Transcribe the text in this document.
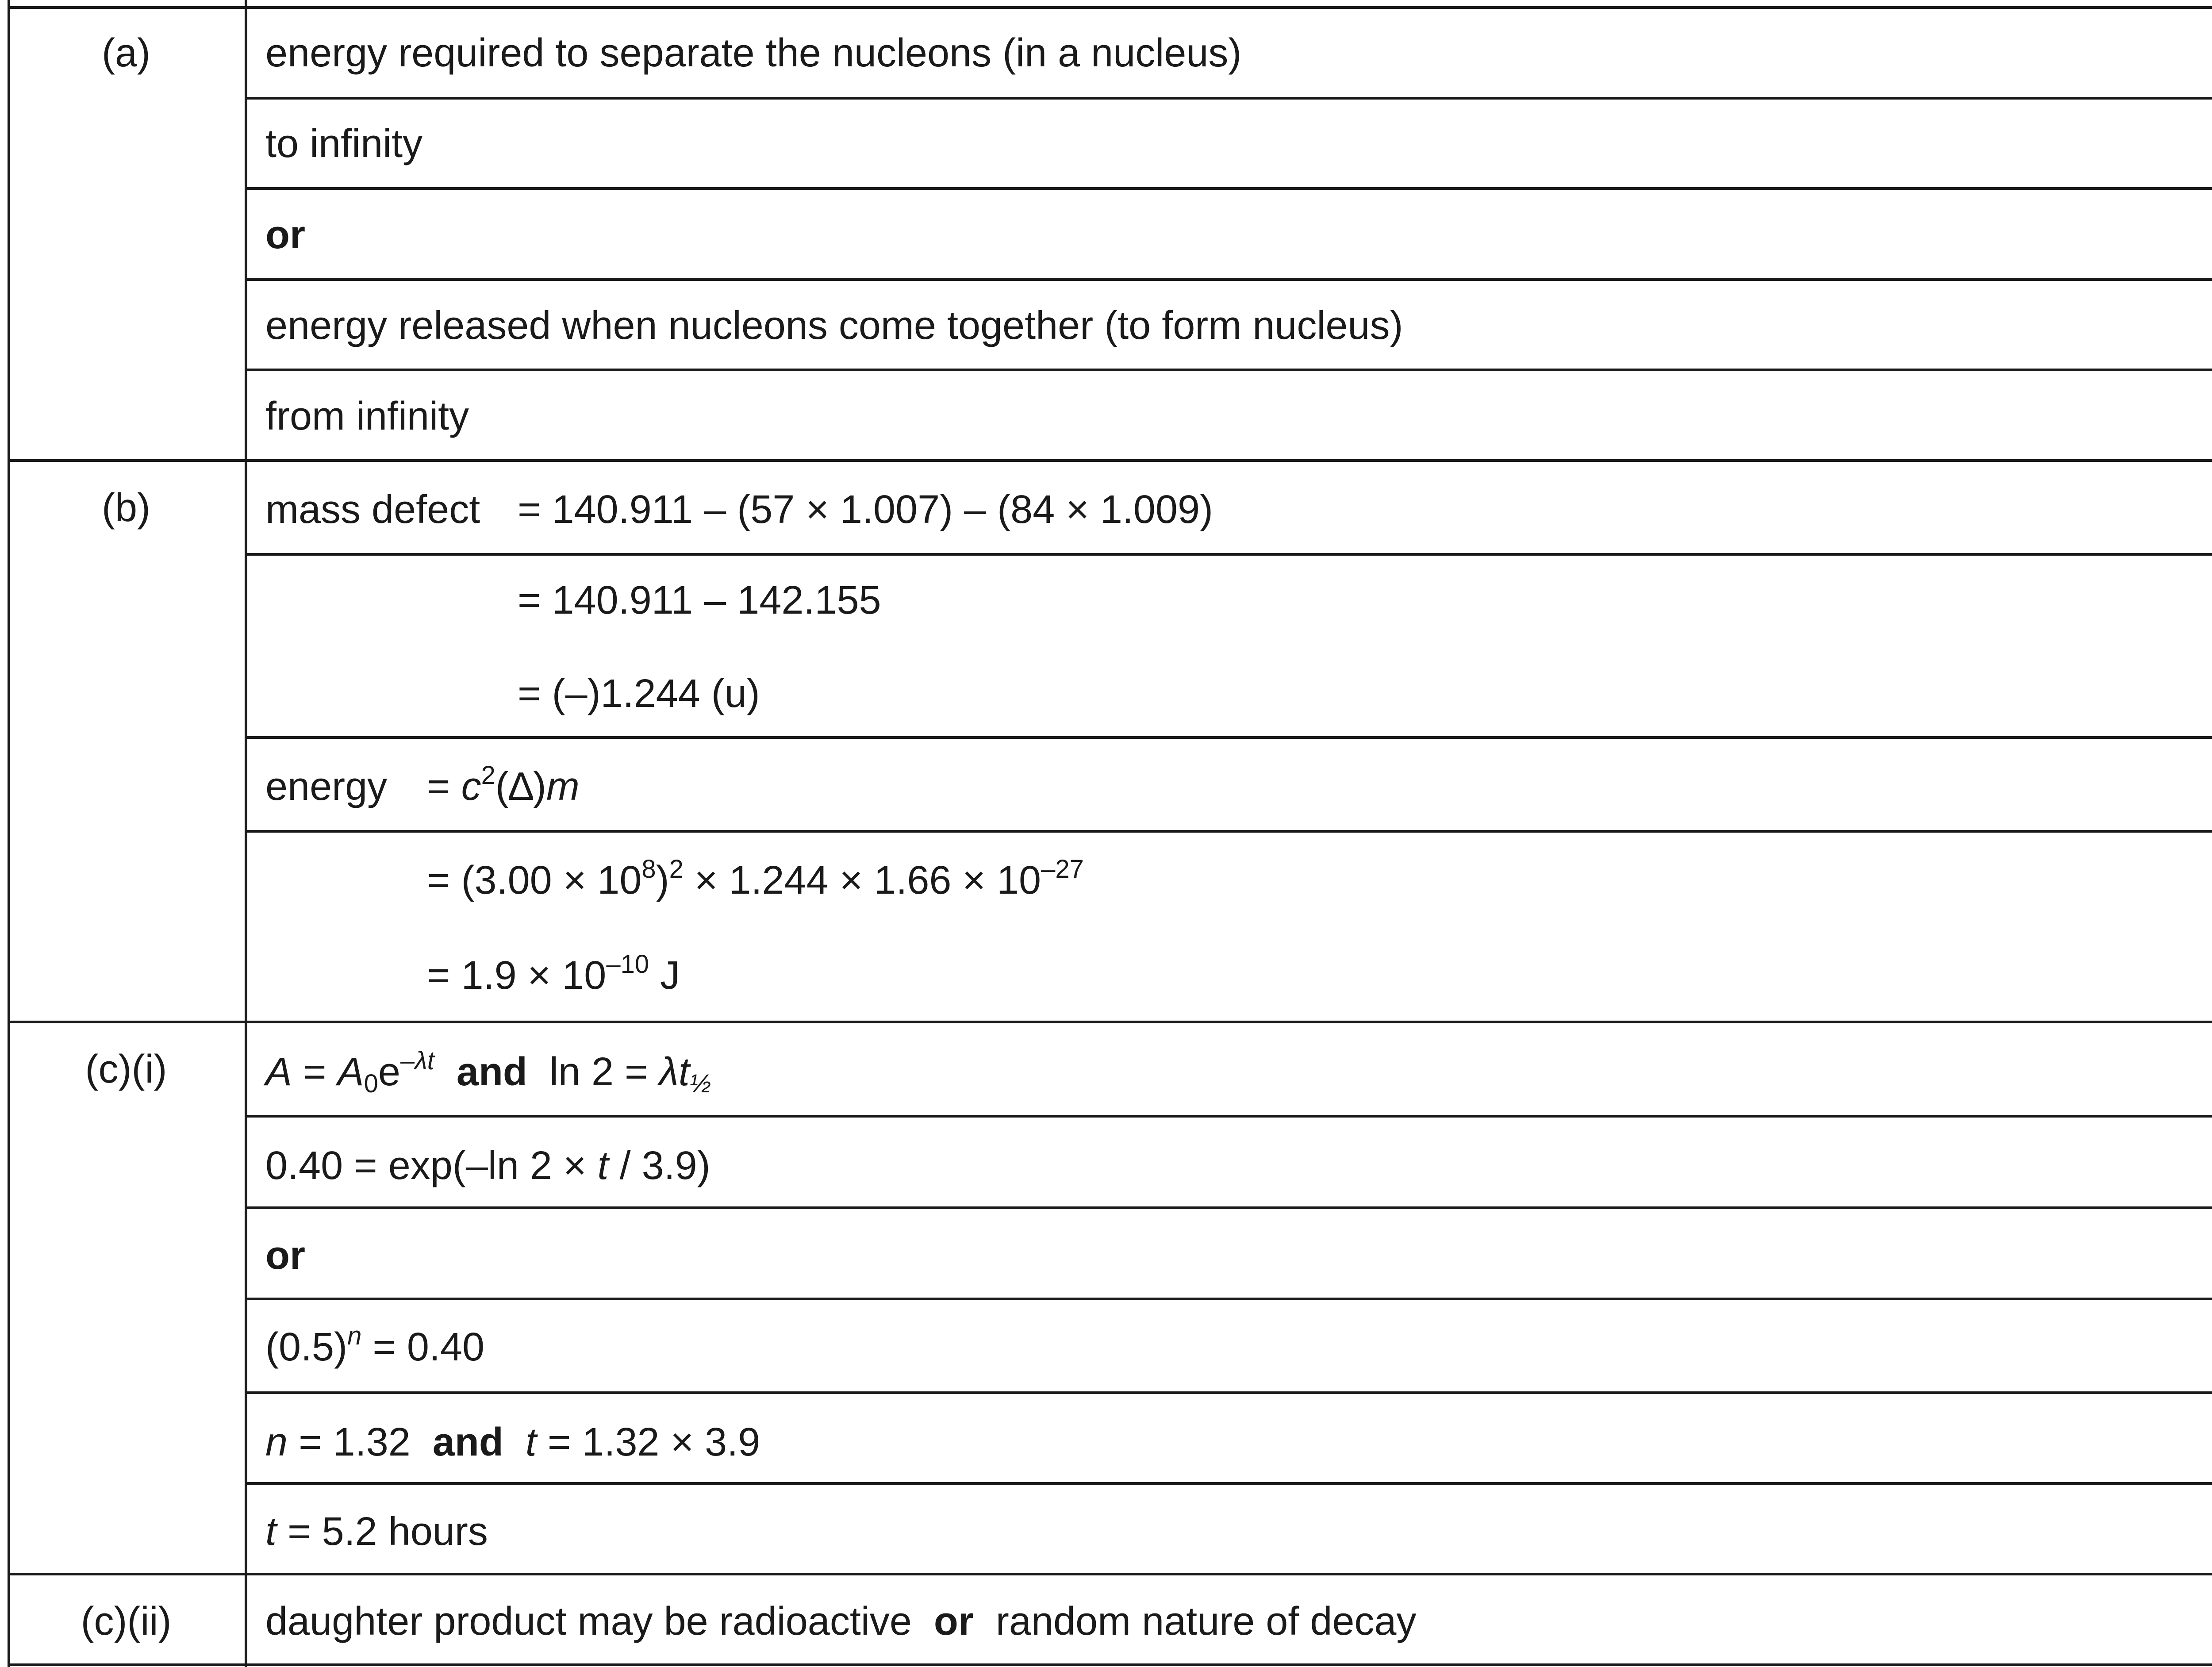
(a)	energy required to separate the nucleons (in a nucleus)
to infinity
or
energy released when nucleons come together (to form nucleus)
from infinity
(b)	mass defect = 140.911 – (57 × 1.007) – (84 × 1.009)
= 140.911 – 142.155
= (–)1.244 (u)
energy = $c^2(\Delta)m$
= $(3.00 \times 10^8)^2 \times 1.244 \times 1.66 \times 10^{-27}$
= $1.9 \times 10^{-10}$ J
(c)(i)	$A = A_0e^{-\lambda t}$ and $\ln 2 = \lambda t_{\frac{1}{2}}$
0.40 = exp(–ln 2 × t / 3.9)
or
$(0.5)^n = 0.40$
n = 1.32 and t = 1.32 × 3.9
t = 5.2 hours
(c)(ii)	daughter product may be radioactive or random nature of decay
